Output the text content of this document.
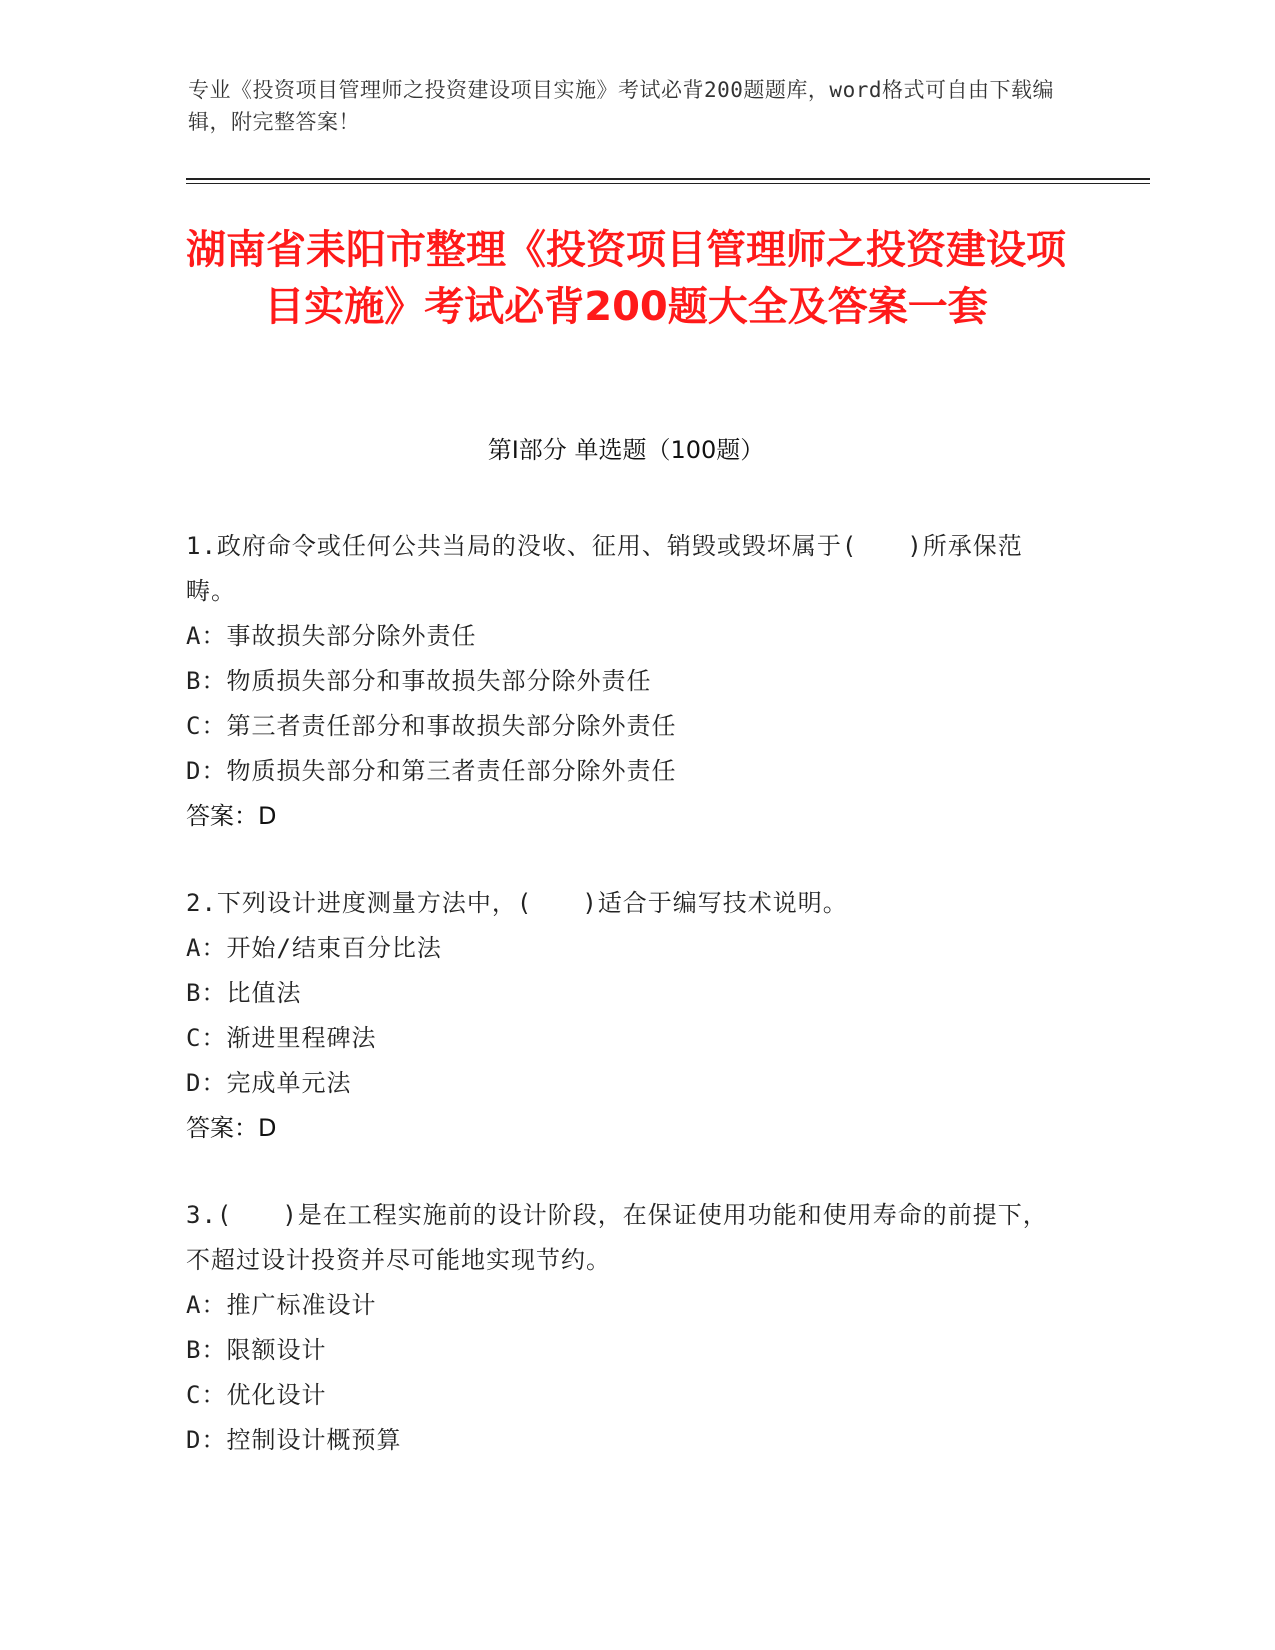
专业《投资项目管理师之投资建设项目实施》考试必背200题题库，word格式可自由下载编辑，附完整答案！
湖南省耒阳市整理《投资项目管理师之投资建设项目实施》考试必背200题大全及答案一套
第I部分 单选题（100题）
1.政府命令或任何公共当局的没收、征用、销毁或毁坏属于(　　)所承保范畴。
A：事故损失部分除外责任
B：物质损失部分和事故损失部分除外责任
C：第三者责任部分和事故损失部分除外责任
D：物质损失部分和第三者责任部分除外责任
答案：D
2.下列设计进度测量方法中，(　　)适合于编写技术说明。
A：开始/结束百分比法
B：比值法
C：渐进里程碑法
D：完成单元法
答案：D
3.(　　)是在工程实施前的设计阶段，在保证使用功能和使用寿命的前提下，不超过设计投资并尽可能地实现节约。
A：推广标准设计
B：限额设计
C：优化设计
D：控制设计概预算
